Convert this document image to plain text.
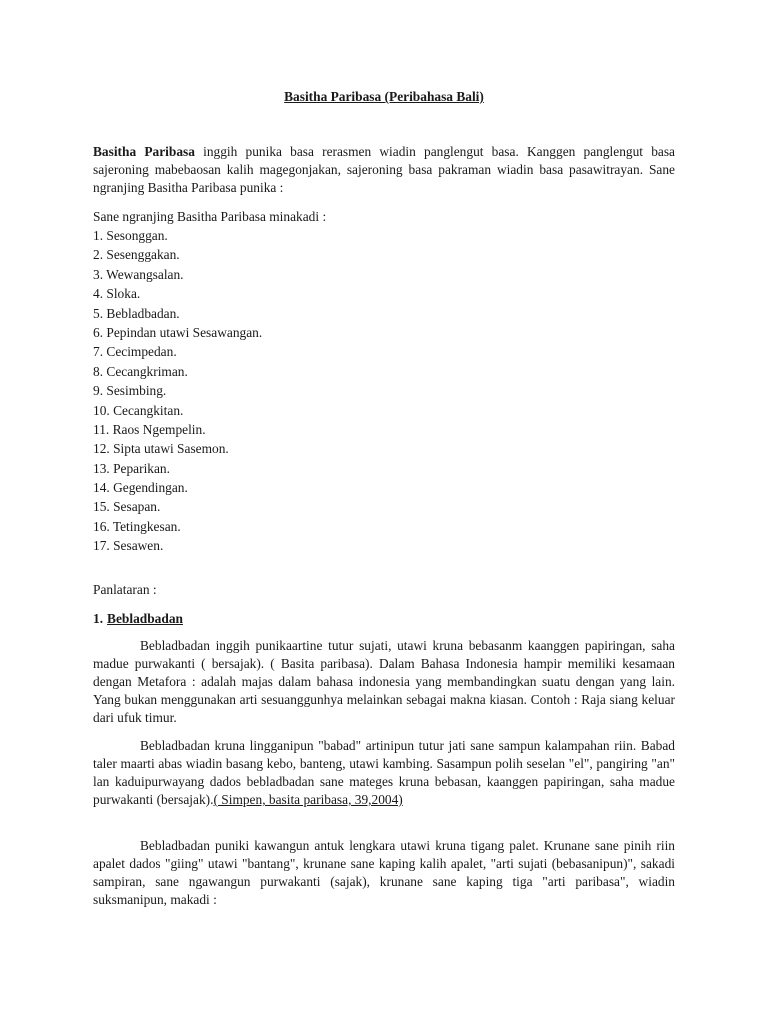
Basitha Paribasa (Peribahasa Bali)
Basitha Paribasa inggih punika basa rerasmen wiadin panglengut basa. Kanggen panglengut basa sajeroning mabebaosan kalih magegonjakan, sajeroning basa pakraman wiadin basa pasawitrayan. Sane ngranjing Basitha Paribasa punika :
Sane ngranjing Basitha Paribasa minakadi :
1. Sesonggan.
2. Sesenggakan.
3. Wewangsalan.
4. Sloka.
5. Bebladbadan.
6. Pepindan utawi Sesawangan.
7. Cecimpedan.
8. Cecangkriman.
9. Sesimbing.
10. Cecangkitan.
11. Raos Ngempelin.
12. Sipta utawi Sasemon.
13. Peparikan.
14. Gegendingan.
15. Sesapan.
16. Tetingkesan.
17. Sesawen.
Panlataran :
1. Bebladbadan
Bebladbadan inggih punikaartine tutur sujati, utawi kruna bebasanm kaanggen papiringan, saha madue purwakanti ( bersajak). ( Basita paribasa). Dalam Bahasa Indonesia hampir memiliki kesamaan dengan Metafora : adalah majas dalam bahasa indonesia yang membandingkan suatu dengan yang lain. Yang bukan menggunakan arti sesuanggunhya melainkan sebagai makna kiasan. Contoh : Raja siang keluar dari ufuk timur.
Bebladbadan kruna lingganipun "babad" artinipun tutur jati sane sampun kalampahan riin. Babad taler maarti abas wiadin basang kebo, banteng, utawi kambing. Sasampun polih seselan "el", pangiring "an" lan kaduipurwayang dados bebladbadan sane mateges kruna bebasan, kaanggen papiringan, saha madue purwakanti (bersajak).( Simpen, basita paribasa, 39,2004)
Bebladbadan puniki kawangun antuk lengkara utawi kruna tigang palet. Krunane sane pinih riin apalet dados "giing" utawi "bantang", krunane sane kaping kalih apalet, "arti sujati (bebasanipun)", sakadi sampiran, sane ngawangun purwakanti (sajak), krunane sane kaping tiga "arti paribasa", wiadin suksmanipun, makadi :
